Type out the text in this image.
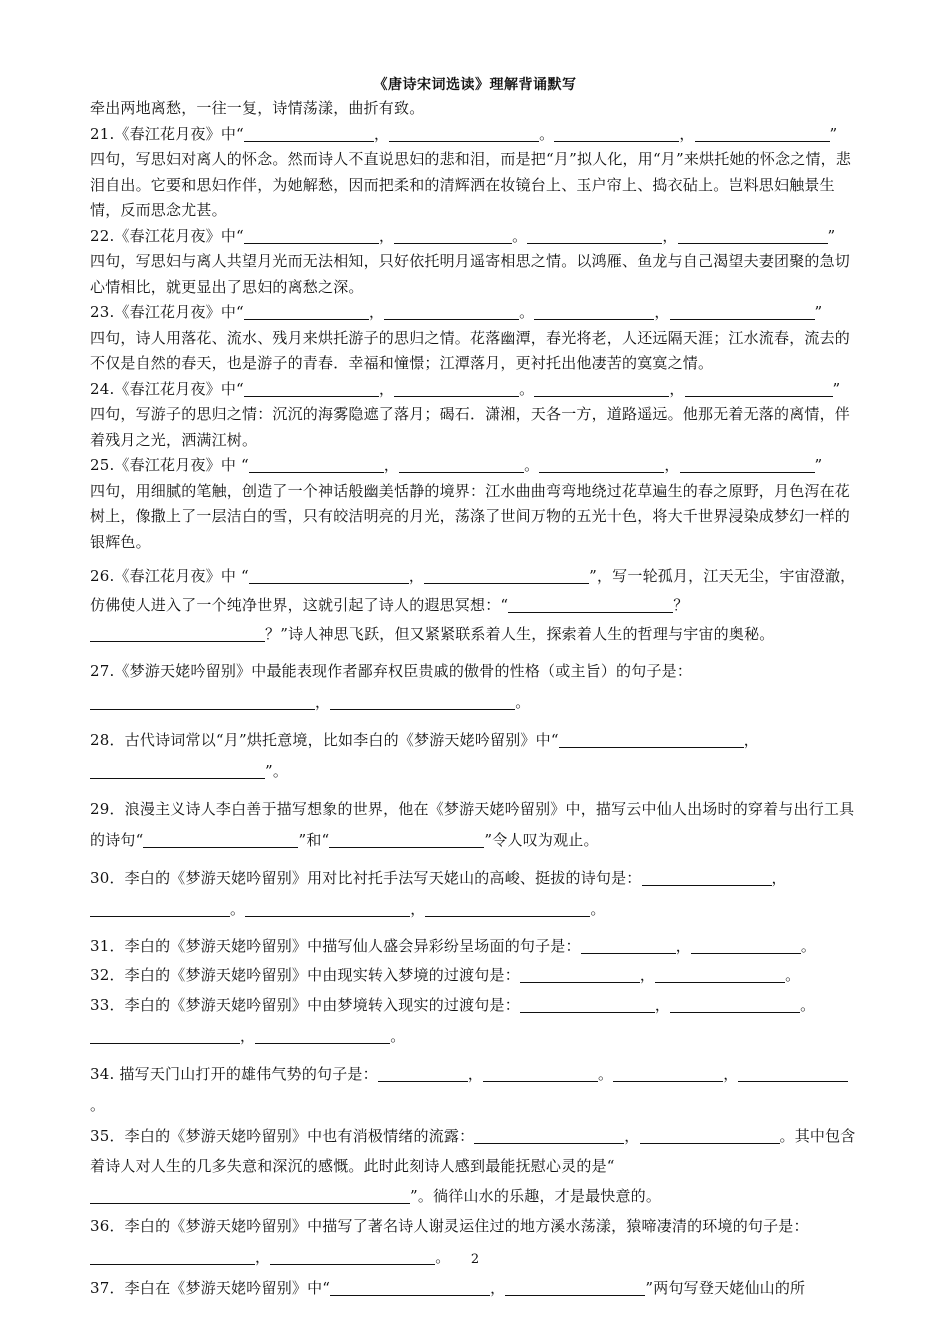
《唐诗宋词选读》理解背诵默写

牵出两地离愁，一往一复，诗情荡漾，曲折有致。

21.《春江花月夜》中“	，	。	，	”
四句，写思妇对离人的怀念。然而诗人不直说思妇的悲和泪，而是把“月”拟人化，用“月”来烘托她的怀念之情，悲泪自出。它要和思妇作伴，为她解愁，因而把柔和的清辉洒在妆镜台上、玉户帘上、捣衣砧上。岂料思妇触景生情，反而思念尤甚。

22.《春江花月夜》中“	，	。	，	”
四句，写思妇与离人共望月光而无法相知，只好依托明月遥寄相思之情。以鸿雁、鱼龙与自己渴望夫妻团聚的急切心情相比，就更显出了思妇的离愁之深。

23.《春江花月夜》中“	，	。	，	”
四句，诗人用落花、流水、残月来烘托游子的思归之情。花落幽潭，春光将老，人还远隔天涯；江水流春，流去的不仅是自然的春天，也是游子的青春．幸福和憧憬；江潭落月，更衬托出他凄苦的寞寞之情。

24.《春江花月夜》中“	，	。	，	”
四句，写游子的思归之情：沉沉的海雾隐遮了落月；碣石．潇湘，天各一方，道路遥远。他那无着无落的离情，伴着残月之光，洒满江树。

25.《春江花月夜》中 “	，	。	，	”
四句，用细腻的笔触，创造了一个神话般幽美恬静的境界：江水曲曲弯弯地绕过花草遍生的春之原野，月色泻在花树上，像撒上了一层洁白的雪，只有皎洁明亮的月光，荡涤了世间万物的五光十色，将大千世界浸染成梦幻一样的银辉色。

26.《春江花月夜》中 “	，	”，写一轮孤月，江天无尘，宇宙澄澈，仿佛使人进入了一个纯净世界，这就引起了诗人的遐思冥想：“	？
？”诗人神思飞跃，但又紧紧联系着人生，探索着人生的哲理与宇宙的奥秘。

27.《梦游天姥吟留别》中最能表现作者鄙弃权臣贵戚的傲骨的性格（或主旨）的句子是：
，	。

28．古代诗词常以“月”烘托意境，比如李白的《梦游天姥吟留别》中“	，
”。

29．浪漫主义诗人李白善于描写想象的世界，他在《梦游天姥吟留别》中，描写云中仙人出场时的穿着与出行工具的诗句“	”和“	”令人叹为观止。

30．李白的《梦游天姥吟留别》用对比衬托手法写天姥山的高峻、挺拔的诗句是：	，
。	，	。

31．李白的《梦游天姥吟留别》中描写仙人盛会异彩纷呈场面的句子是：	，	。

32．李白的《梦游天姥吟留别》中由现实转入梦境的过渡句是：	，	。

33．李白的《梦游天姥吟留别》中由梦境转入现实的过渡句是：	，	。
，	。

34. 描写天门山打开的雄伟气势的句子是：	，	。	，。

35．李白的《梦游天姥吟留别》中也有消极情绪的流露：	，	。其中包含着诗人对人生的几多失意和深沉的感慨。此时此刻诗人感到最能抚慰心灵的是“”。徜徉山水的乐趣，才是最快意的。

36．李白的《梦游天姥吟留别》中描写了著名诗人谢灵运住过的地方溪水荡漾，猿啼凄清的环境的句子是：，	。

37．李白在《梦游天姥吟留别》中“	，	”两句写登天姥仙山的所

2
